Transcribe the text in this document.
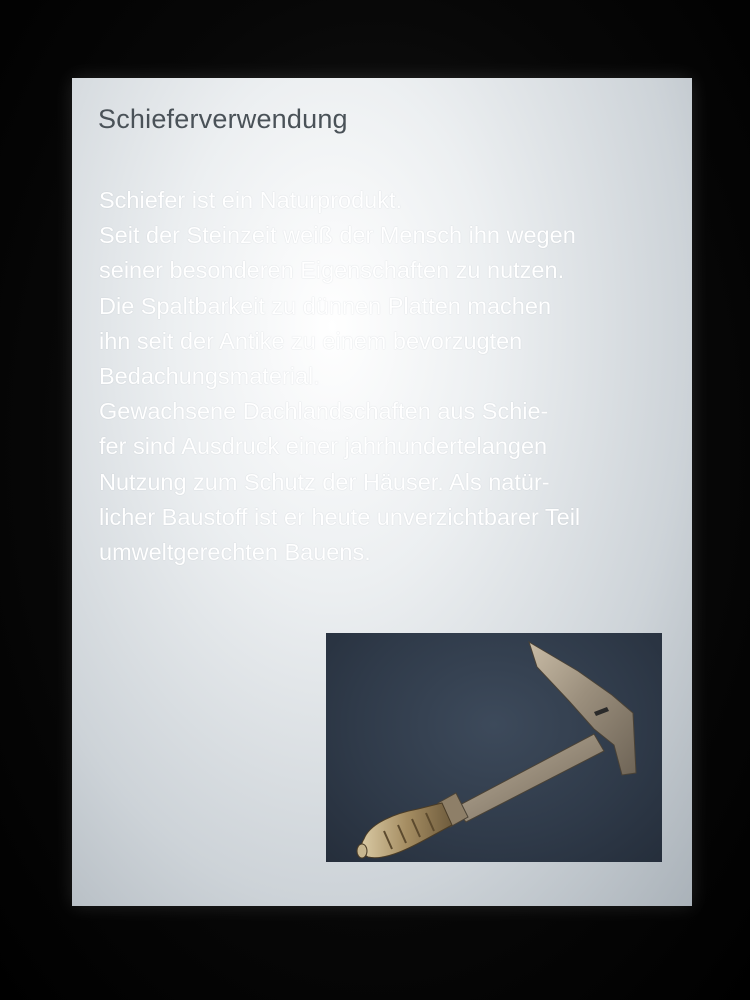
Schieferverwendung
Schiefer ist ein Naturprodukt.
Seit der Steinzeit weiß der Mensch ihn wegen
seiner besonderen Eigenschaften zu nutzen.
Die Spaltbarkeit zu dünnen Platten machen
ihn seit der Antike zu einem bevorzugten
Bedachungsmaterial.
Gewachsene Dachlandschaften aus Schie-
fer sind Ausdruck einer jahrhundertelangen
Nutzung zum Schutz der Häuser. Als natür-
licher Baustoff ist er heute unverzichtbarer Teil
umweltgerechten Bauens.
